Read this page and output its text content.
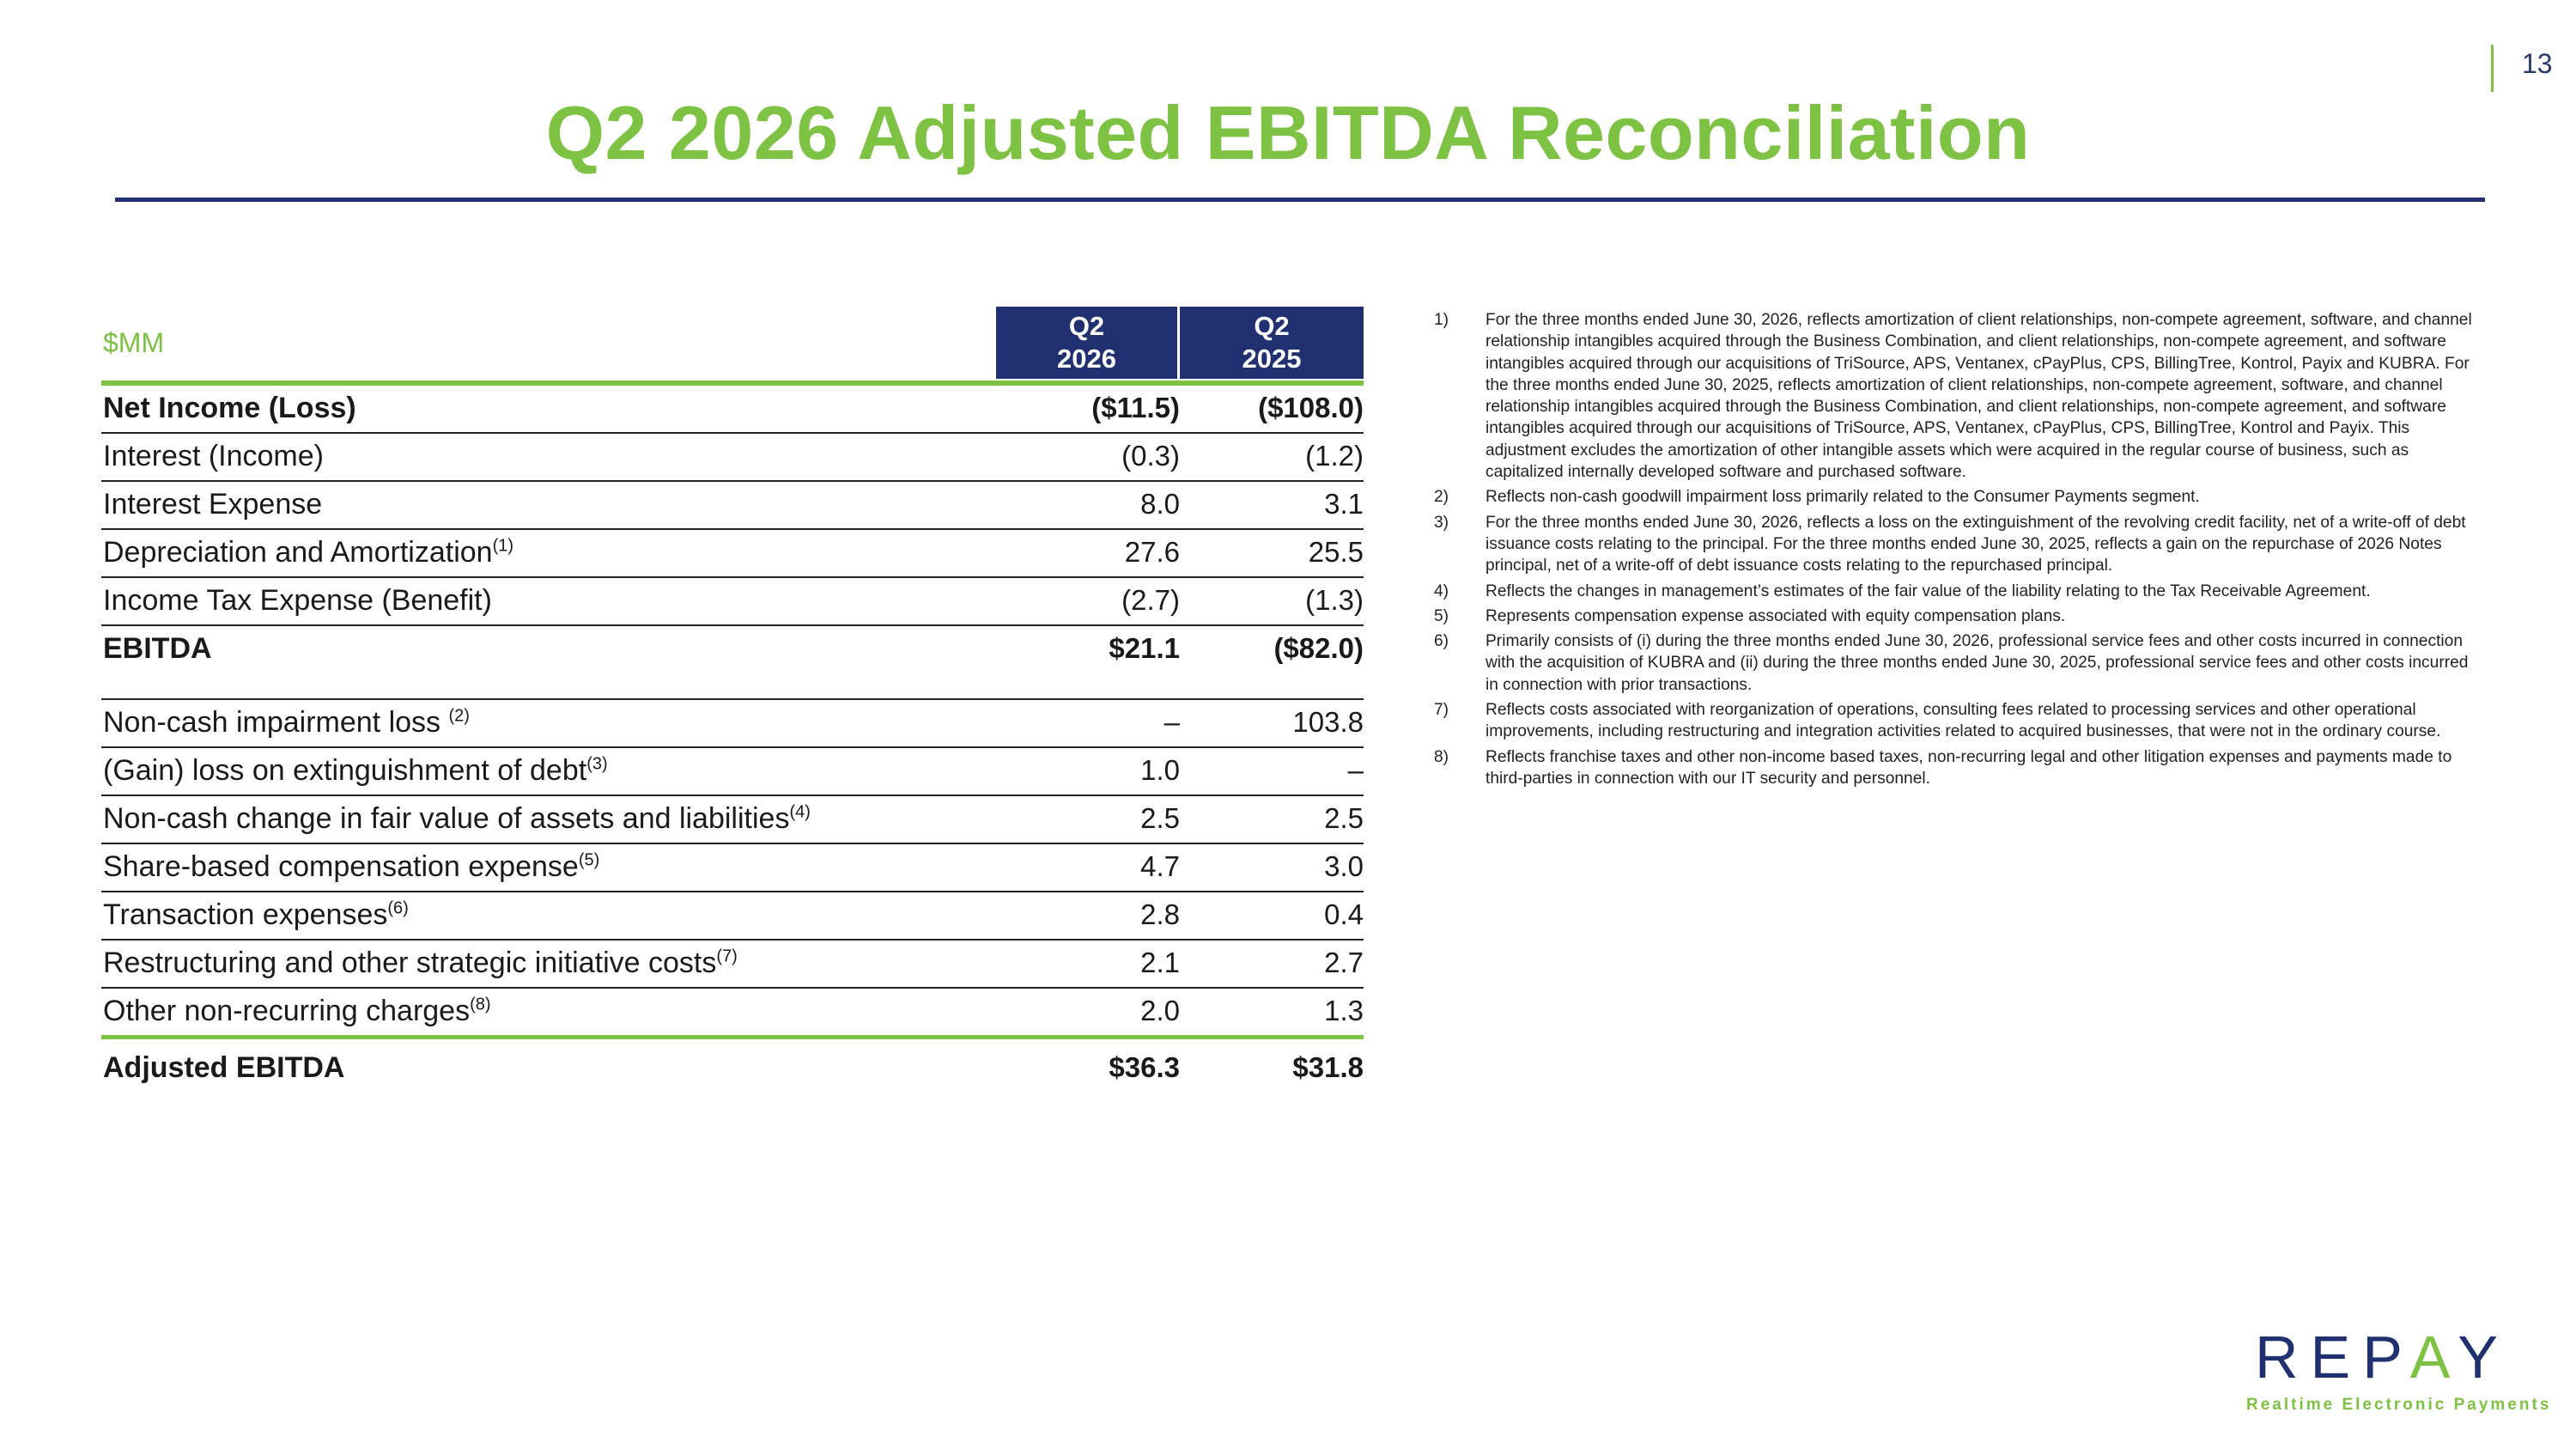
13
Q2 2026 Adjusted EBITDA Reconciliation
$MM
Q2
2026
Q2
2025
Net Income (Loss)	($11.5)	($108.0)
Interest (Income)	(0.3)	(1.2)
Interest Expense	8.0	3.1
Depreciation and Amortization$^{(1)}$	27.6	25.5
Income Tax Expense (Benefit)	(2.7)	(1.3)
EBITDA	$21.1	($82.0)
Non-cash impairment loss $^{(2)}$	–	103.8
(Gain) loss on extinguishment of debt$^{(3)}$	1.0	–
Non-cash change in fair value of assets and liabilities$^{(4)}$	2.5	2.5
Share-based compensation expense$^{(5)}$	4.7	3.0
Transaction expenses$^{(6)}$	2.8	0.4
Restructuring and other strategic initiative costs$^{(7)}$	2.1	2.7
Other non-recurring charges$^{(8)}$	2.0	1.3
Adjusted EBITDA	$36.3	$31.8
1) For the three months ended June 30, 2026, reflects amortization of client relationships, non-compete agreement, software, and channel relationship intangibles acquired through the Business Combination, and client relationships, non-compete agreement, and software intangibles acquired through our acquisitions of TriSource, APS, Ventanex, cPayPlus, CPS, BillingTree, Kontrol, Payix and KUBRA. For the three months ended June 30, 2025, reflects amortization of client relationships, non-compete agreement, software, and channel relationship intangibles acquired through the Business Combination, and client relationships, non-compete agreement, and software intangibles acquired through our acquisitions of TriSource, APS, Ventanex, cPayPlus, CPS, BillingTree, Kontrol and Payix. This adjustment excludes the amortization of other intangible assets which were acquired in the regular course of business, such as capitalized internally developed software and purchased software.
2) Reflects non-cash goodwill impairment loss primarily related to the Consumer Payments segment.
3) For the three months ended June 30, 2026, reflects a loss on the extinguishment of the revolving credit facility, net of a write-off of debt issuance costs relating to the principal. For the three months ended June 30, 2025, reflects a gain on the repurchase of 2026 Notes principal, net of a write-off of debt issuance costs relating to the repurchased principal.
4) Reflects the changes in management’s estimates of the fair value of the liability relating to the Tax Receivable Agreement.
5) Represents compensation expense associated with equity compensation plans.
6) Primarily consists of (i) during the three months ended June 30, 2026, professional service fees and other costs incurred in connection with the acquisition of KUBRA and (ii) during the three months ended June 30, 2025, professional service fees and other costs incurred in connection with prior transactions.
7) Reflects costs associated with reorganization of operations, consulting fees related to processing services and other operational improvements, including restructuring and integration activities related to acquired businesses, that were not in the ordinary course.
8) Reflects franchise taxes and other non-income based taxes, non-recurring legal and other litigation expenses and payments made to third-parties in connection with our IT security and personnel.
REPAY
Realtime Electronic Payments
